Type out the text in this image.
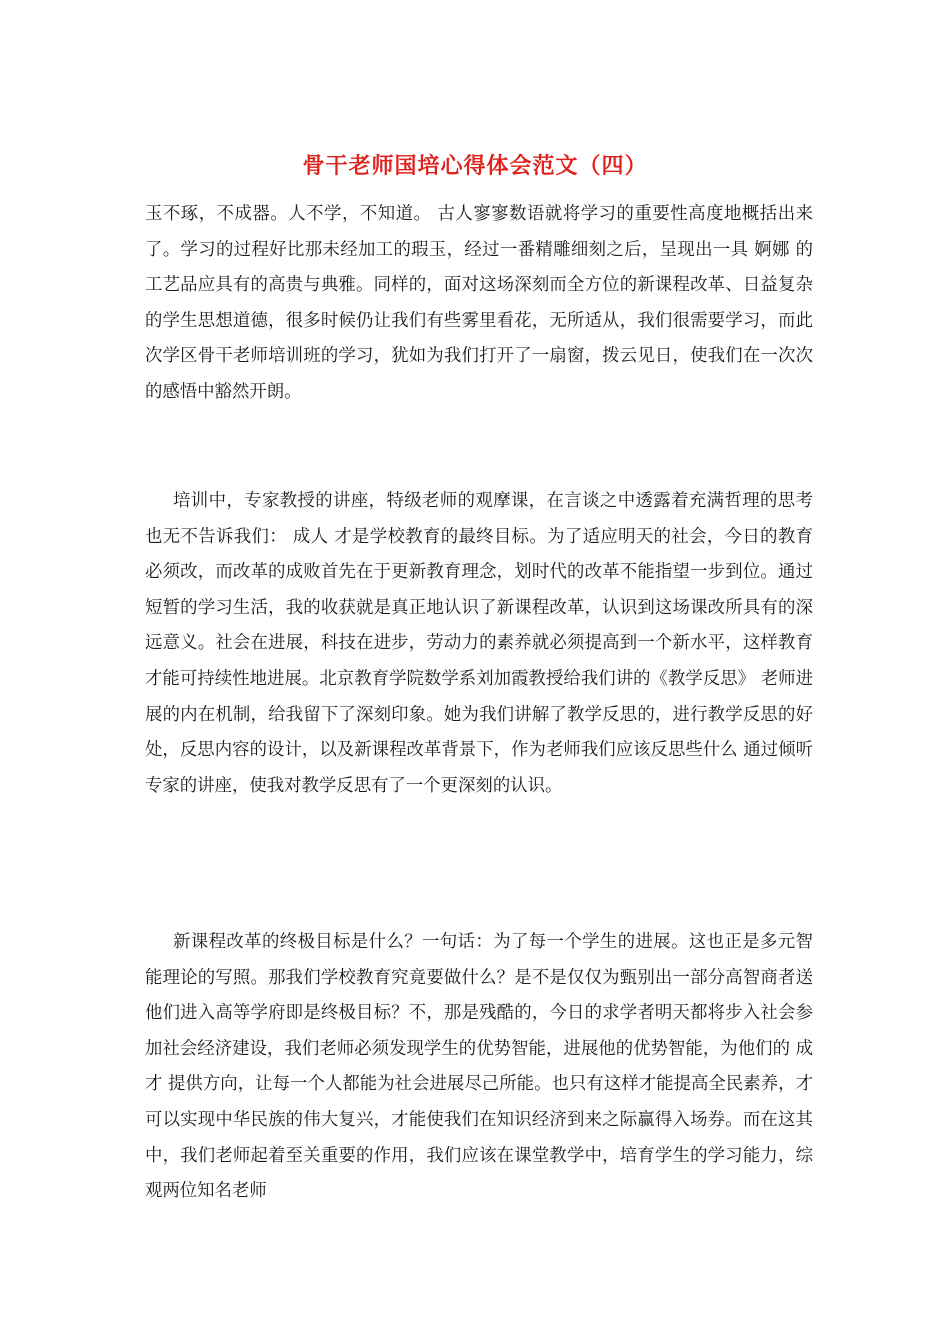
骨干老师国培心得体会范文（四）

玉不琢，不成器。人不学，不知道。 古人寥寥数语就将学习的重要性高度地概括出来了。学习的过程好比那未经加工的瑕玉，经过一番精雕细刻之后，呈现出一具 婀娜 的工艺品应具有的高贵与典雅。同样的，面对这场深刻而全方位的新课程改革、日益复杂的学生思想道德，很多时候仍让我们有些雾里看花，无所适从，我们很需要学习，而此次学区骨干老师培训班的学习，犹如为我们打开了一扇窗，拨云见日，使我们在一次次的感悟中豁然开朗。

培训中，专家教授的讲座，特级老师的观摩课，在言谈之中透露着充满哲理的思考也无不告诉我们： 成人 才是学校教育的最终目标。为了适应明天的社会，今日的教育必须改，而改革的成败首先在于更新教育理念，划时代的改革不能指望一步到位。通过短暂的学习生活，我的收获就是真正地认识了新课程改革，认识到这场课改所具有的深远意义。社会在进展，科技在进步，劳动力的素养就必须提高到一个新水平，这样教育才能可持续性地进展。北京教育学院数学系刘加霞教授给我们讲的《教学反思》 老师进展的内在机制，给我留下了深刻印象。她为我们讲解了教学反思的，进行教学反思的好处，反思内容的设计，以及新课程改革背景下，作为老师我们应该反思些什么 通过倾听专家的讲座，使我对教学反思有了一个更深刻的认识。

新课程改革的终极目标是什么？一句话：为了每一个学生的进展。这也正是多元智能理论的写照。那我们学校教育究竟要做什么？是不是仅仅为甄别出一部分高智商者送他们进入高等学府即是终极目标？不，那是残酷的，今日的求学者明天都将步入社会参加社会经济建设，我们老师必须发现学生的优势智能，进展他的优势智能，为他们的 成才 提供方向，让每一个人都能为社会进展尽己所能。也只有这样才能提高全民素养，才可以实现中华民族的伟大复兴，才能使我们在知识经济到来之际赢得入场券。而在这其中，我们老师起着至关重要的作用，我们应该在课堂教学中，培育学生的学习能力，综观两位知名老师
